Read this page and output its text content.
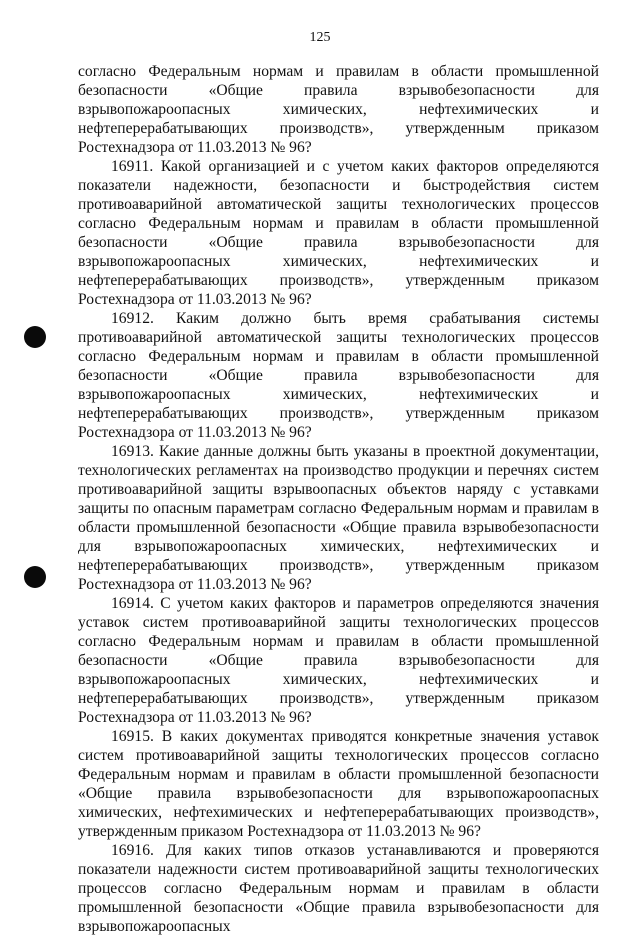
125

согласно Федеральным нормам и правилам в области промышленной безопасности «Общие правила взрывобезопасности для взрывопожароопасных химических, нефтехимических и нефтеперерабатывающих производств», утвержденным приказом Ростехнадзора от 11.03.2013 № 96?

16911. Какой организацией и с учетом каких факторов определяются показатели надежности, безопасности и быстродействия систем противоаварийной автоматической защиты технологических процессов согласно Федеральным нормам и правилам в области промышленной безопасности «Общие правила взрывобезопасности для взрывопожароопасных химических, нефтехимических и нефтеперерабатывающих производств», утвержденным приказом Ростехнадзора от 11.03.2013 № 96?

16912. Каким должно быть время срабатывания системы противоаварийной автоматической защиты технологических процессов согласно Федеральным нормам и правилам в области промышленной безопасности «Общие правила взрывобезопасности для взрывопожароопасных химических, нефтехимических и нефтеперерабатывающих производств», утвержденным приказом Ростехнадзора от 11.03.2013 № 96?

16913. Какие данные должны быть указаны в проектной документации, технологических регламентах на производство продукции и перечнях систем противоаварийной защиты взрывоопасных объектов наряду с уставками защиты по опасным параметрам согласно Федеральным нормам и правилам в области промышленной безопасности «Общие правила взрывобезопасности для взрывопожароопасных химических, нефтехимических и нефтеперерабатывающих производств», утвержденным приказом Ростехнадзора от 11.03.2013 № 96?

16914. С учетом каких факторов и параметров определяются значения уставок систем противоаварийной защиты технологических процессов согласно Федеральным нормам и правилам в области промышленной безопасности «Общие правила взрывобезопасности для взрывопожароопасных химических, нефтехимических и нефтеперерабатывающих производств», утвержденным приказом Ростехнадзора от 11.03.2013 № 96?

16915. В каких документах приводятся конкретные значения уставок систем противоаварийной защиты технологических процессов согласно Федеральным нормам и правилам в области промышленной безопасности «Общие правила взрывобезопасности для взрывопожароопасных химических, нефтехимических и нефтеперерабатывающих производств», утвержденным приказом Ростехнадзора от 11.03.2013 № 96?

16916. Для каких типов отказов устанавливаются и проверяются показатели надежности систем противоаварийной защиты технологических процессов согласно Федеральным нормам и правилам в области промышленной безопасности «Общие правила взрывобезопасности для взрывопожароопасных
